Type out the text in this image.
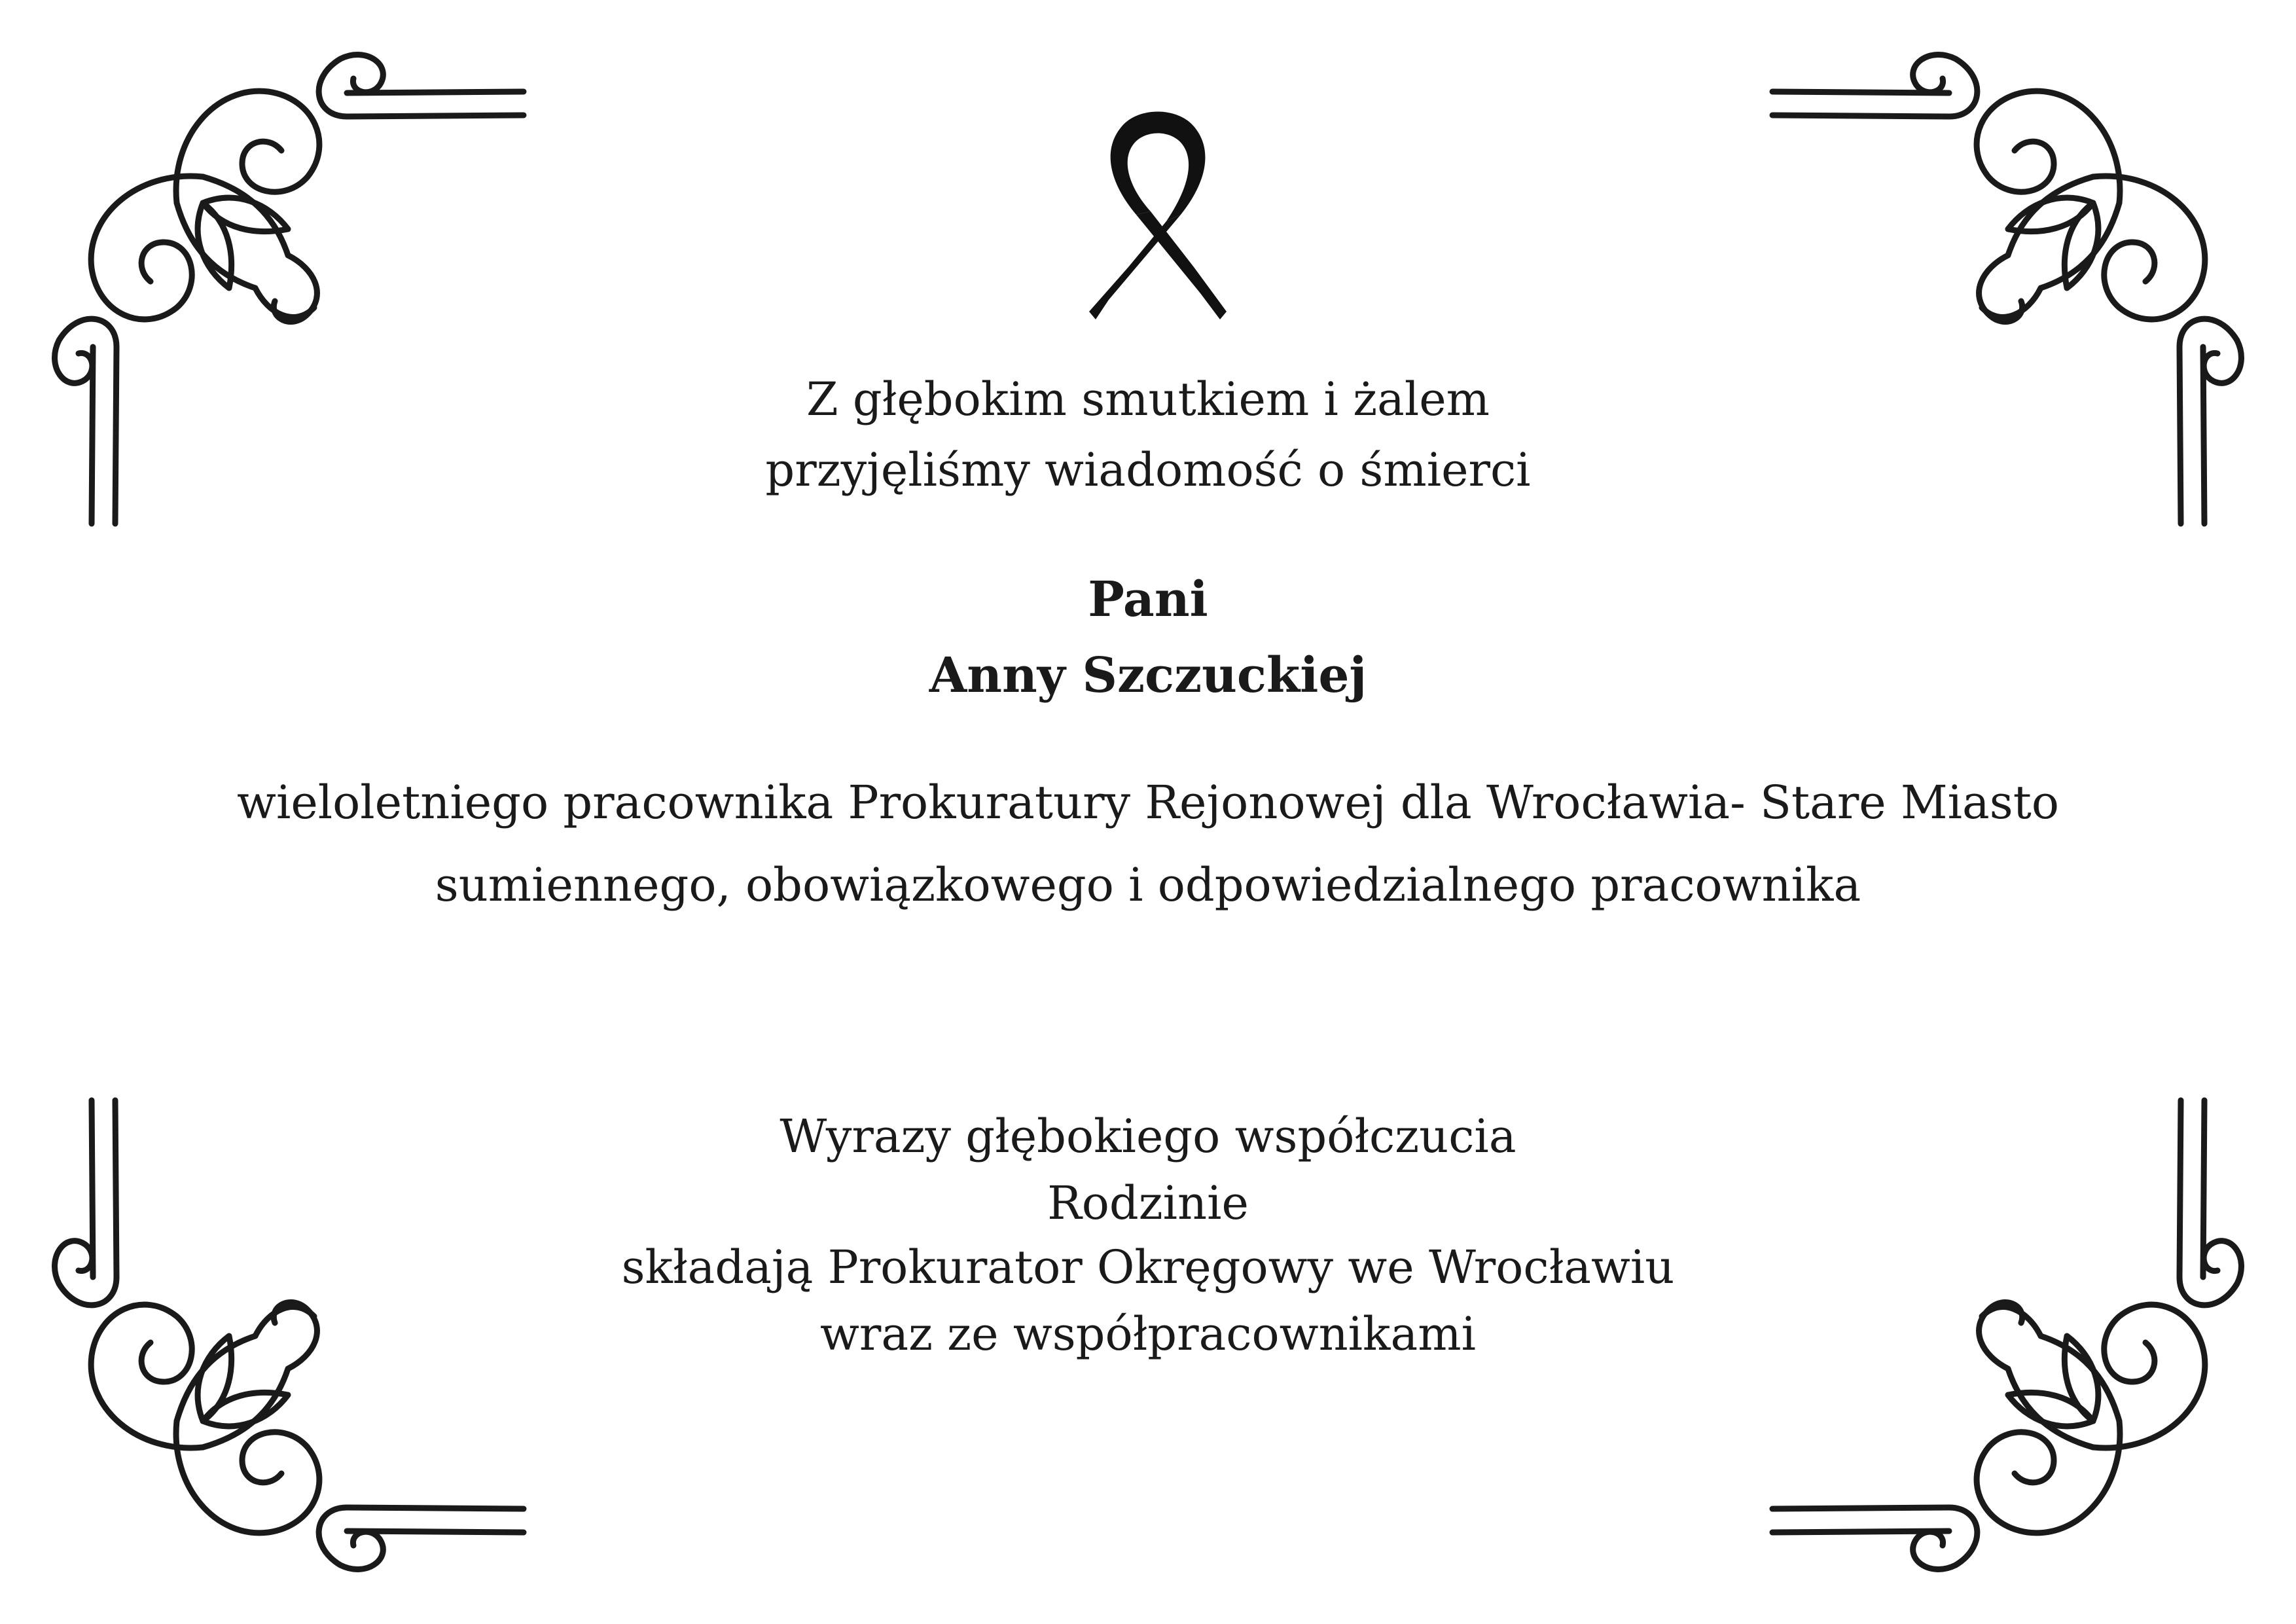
Z głębokim smutkiem i żalem
przyjęliśmy wiadomość o śmierci
Pani
Anny Szczuckiej
wieloletniego pracownika Prokuratury Rejonowej dla Wrocławia- Stare Miasto
sumiennego, obowiązkowego i odpowiedzialnego pracownika
Wyrazy głębokiego współczucia
Rodzinie
składają Prokurator Okręgowy we Wrocławiu
wraz ze współpracownikami
